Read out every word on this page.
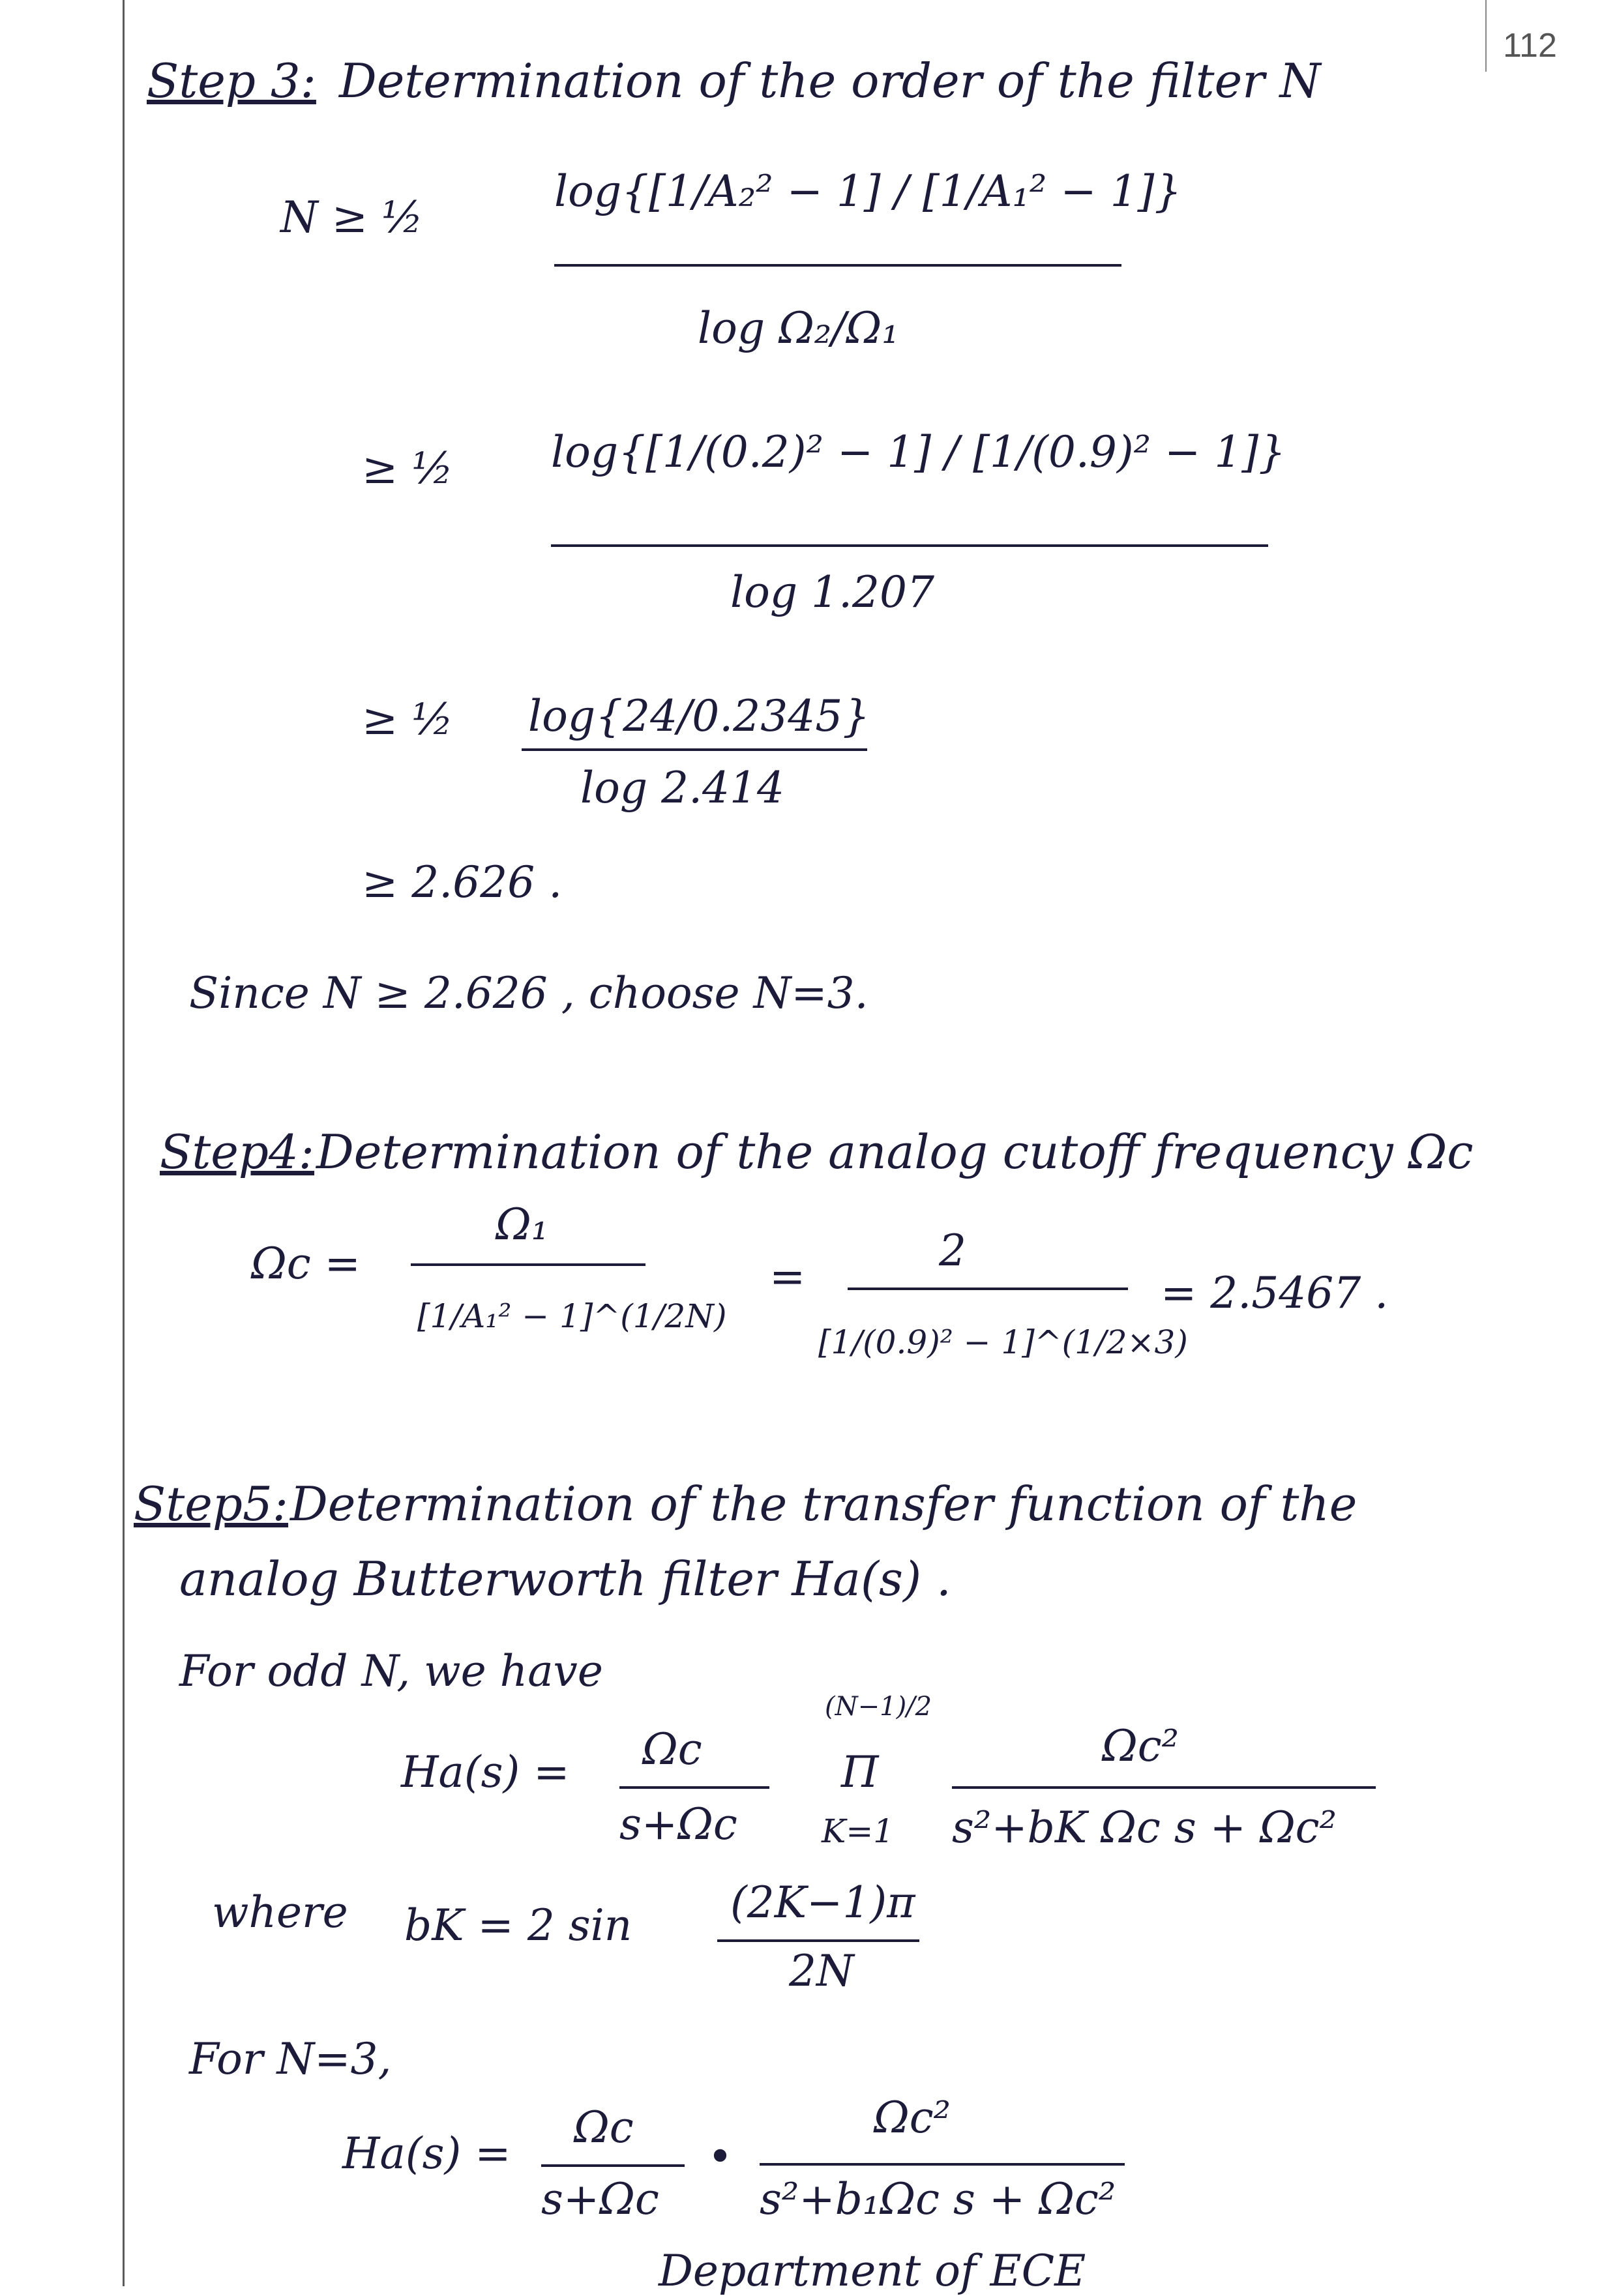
112
Step 3: Determination of the order of the filter N
N ≥ ½
log{[1/A₂² − 1] / [1/A₁² − 1]}
log Ω₂/Ω₁
≥ ½ log{[1/(0.2)² − 1] / [1/(0.9)² − 1]}
log 1.207
≥ ½ log{24/0.2345}
log 2.414
≥ 2.626 .
Since N ≥ 2.626 , choose N=3.
Step4: Determination of the analog cutoff frequency Ωc
Ωc =
Ω₁
[1/A₁² − 1]^(1/2N)
=
2
[1/(0.9)² − 1]^(1/2×3)
= 2.5467 .
Step5: Determination of the transfer function of the
analog Butterworth filter Ha(s) .
For odd N, we have
Ha(s) = Ωc
s+Ωc
(N−1)/2
Π
K=1
Ωc²
s²+bK Ωc s + Ωc²
where bK = 2 sin (2K−1)π
2N
For N=3,
Ha(s) =
Ωc
s+Ωc
•
Ωc²
s²+b₁Ωc s + Ωc²
Department of ECE
